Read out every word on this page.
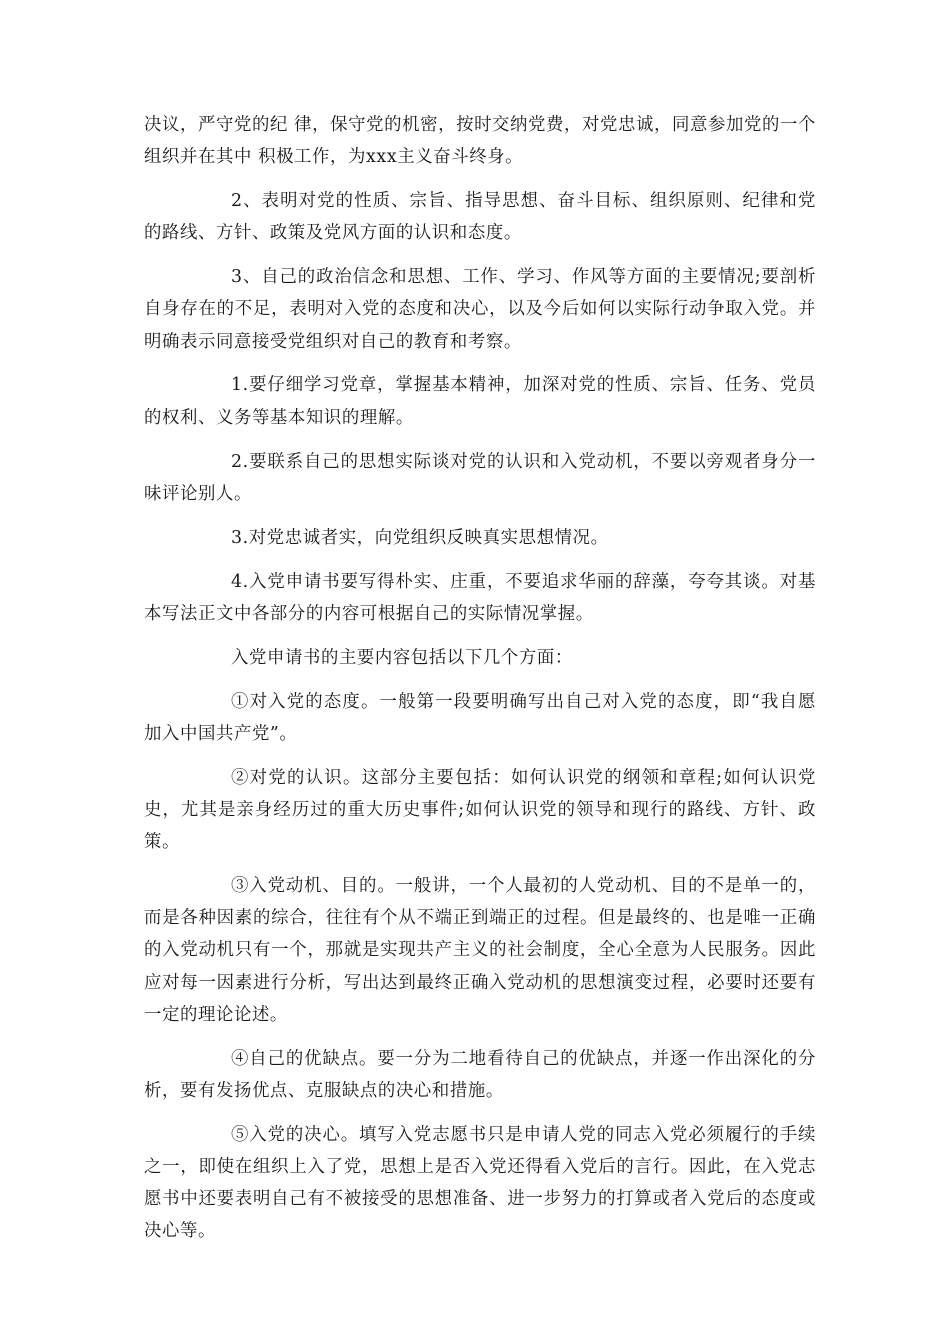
决议，严守党的纪 律，保守党的机密，按时交纳党费，对党忠诚，同意参加党的一个组织并在其中 积极工作，为xxx主义奋斗终身。

2、表明对党的性质、宗旨、指导思想、奋斗目标、组织原则、纪律和党的路线、方针、政策及党风方面的认识和态度。

3、自己的政治信念和思想、工作、学习、作风等方面的主要情况;要剖析自身存在的不足，表明对入党的态度和决心，以及今后如何以实际行动争取入党。并明确表示同意接受党组织对自己的教育和考察。

1.要仔细学习党章，掌握基本精神，加深对党的性质、宗旨、任务、党员的权利、义务等基本知识的理解。

2.要联系自己的思想实际谈对党的认识和入党动机，不要以旁观者身分一味评论别人。

3.对党忠诚者实，向党组织反映真实思想情况。

4.入党申请书要写得朴实、庄重，不要追求华丽的辞藻，夸夸其谈。对基本写法正文中各部分的内容可根据自己的实际情况掌握。

入党申请书的主要内容包括以下几个方面：

①对入党的态度。一般第一段要明确写出自己对入党的态度，即“我自愿加入中国共产党”。

②对党的认识。这部分主要包括：如何认识党的纲领和章程;如何认识党史，尤其是亲身经历过的重大历史事件;如何认识党的领导和现行的路线、方针、政策。

③入党动机、目的。一般讲，一个人最初的人党动机、目的不是单一的，而是各种因素的综合，往往有个从不端正到端正的过程。但是最终的、也是唯一正确的入党动机只有一个，那就是实现共产主义的社会制度，全心全意为人民服务。因此应对每一因素进行分析，写出达到最终正确入党动机的思想演变过程，必要时还要有一定的理论论述。

④自己的优缺点。要一分为二地看待自己的优缺点，并逐一作出深化的分析，要有发扬优点、克服缺点的决心和措施。

⑤入党的决心。填写入党志愿书只是申请人党的同志入党必须履行的手续之一，即使在组织上入了党，思想上是否入党还得看入党后的言行。因此，在入党志愿书中还要表明自己有不被接受的思想准备、进一步努力的打算或者入党后的态度或决心等。
